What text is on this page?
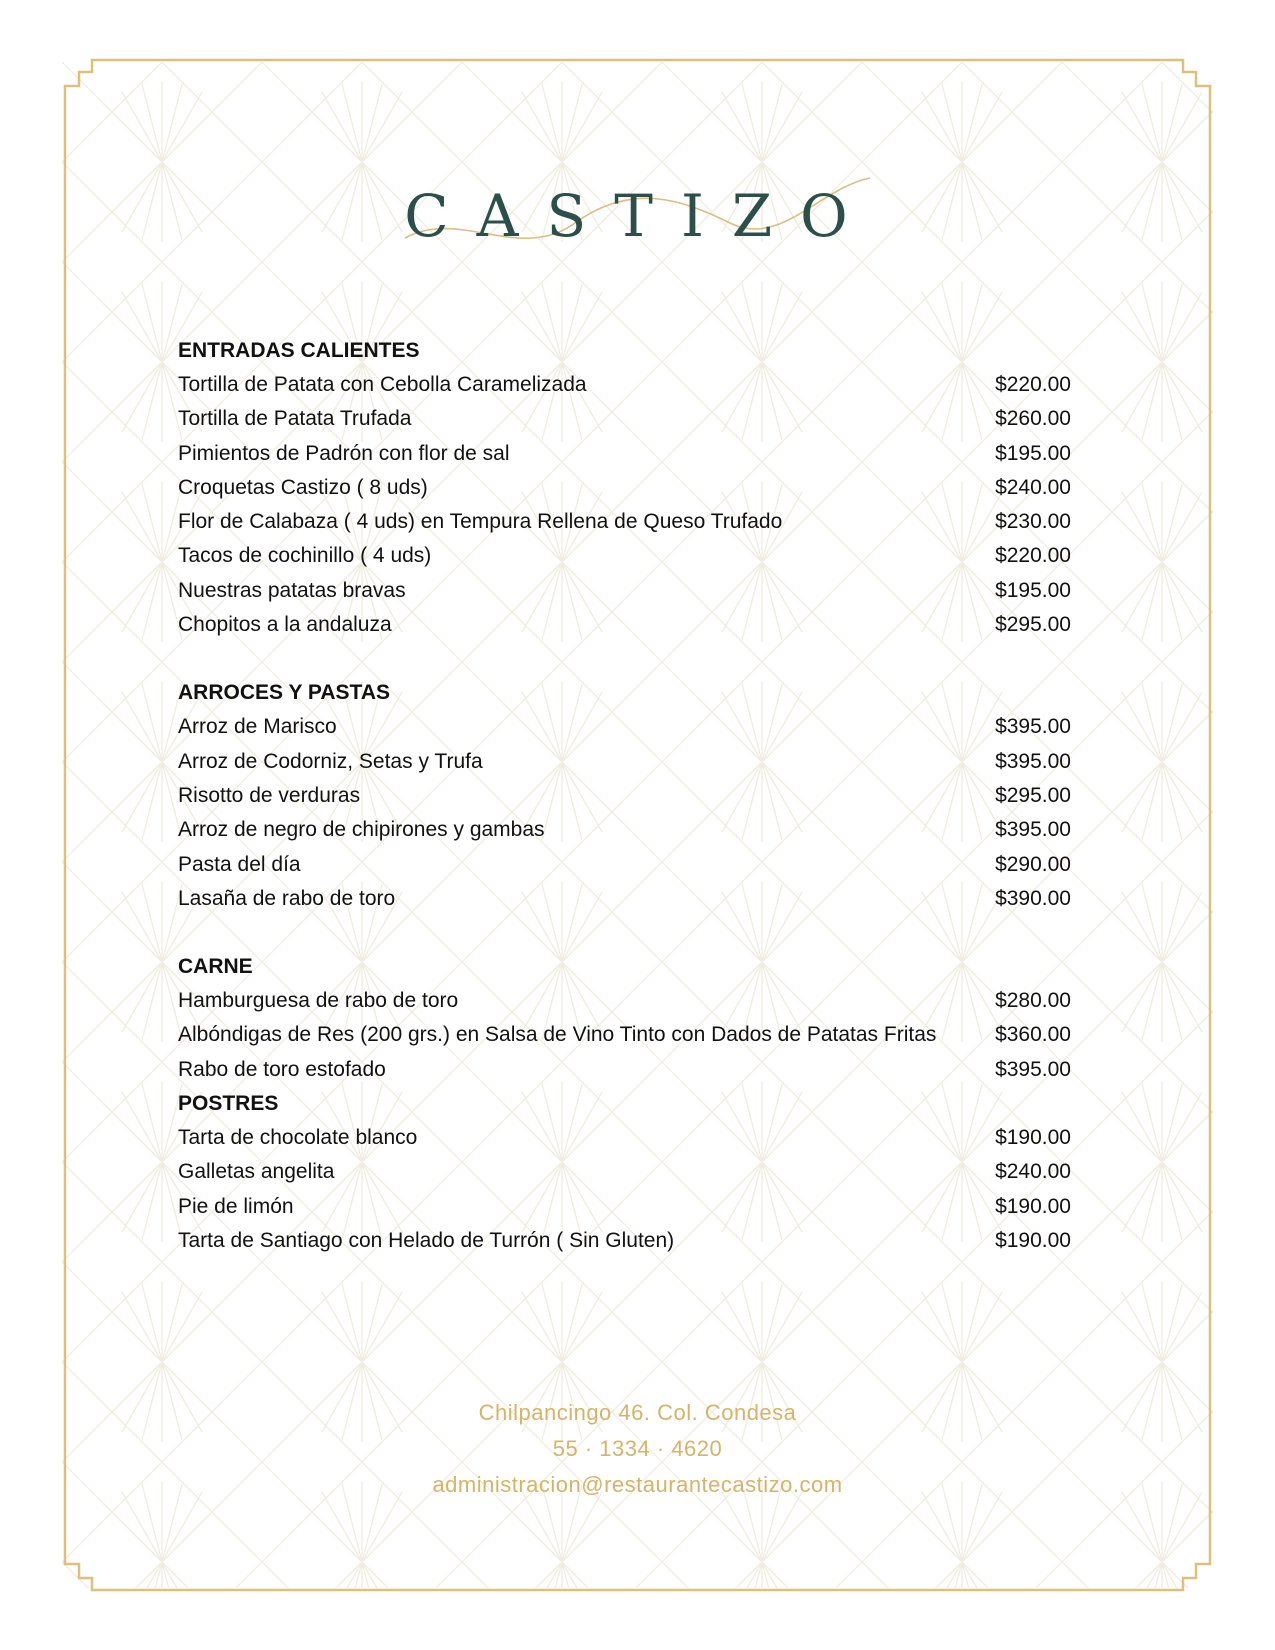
CASTIZO
ENTRADAS CALIENTES
Tortilla de Patata con Cebolla Caramelizada	$220.00
Tortilla de Patata Trufada	$260.00
Pimientos de Padrón con flor de sal	$195.00
Croquetas Castizo ( 8 uds)	$240.00
Flor de Calabaza ( 4 uds) en Tempura Rellena de Queso Trufado	$230.00
Tacos de cochinillo ( 4 uds)	$220.00
Nuestras patatas bravas	$195.00
Chopitos a la andaluza	$295.00
ARROCES Y PASTAS
Arroz de Marisco	$395.00
Arroz de Codorniz, Setas y Trufa	$395.00
Risotto de verduras	$295.00
Arroz de negro de chipirones y gambas	$395.00
Pasta del día	$290.00
Lasaña de rabo de toro	$390.00
CARNE
Hamburguesa de rabo de toro	$280.00
Albóndigas de Res (200 grs.) en Salsa de Vino Tinto con Dados de Patatas Fritas	$360.00
Rabo de toro estofado	$395.00
POSTRES
Tarta de chocolate blanco	$190.00
Galletas angelita	$240.00
Pie de limón	$190.00
Tarta de Santiago con Helado de Turrón ( Sin Gluten)	$190.00
Chilpancingo 46. Col. Condesa
55 · 1334 · 4620
administracion@restaurantecastizo.com
